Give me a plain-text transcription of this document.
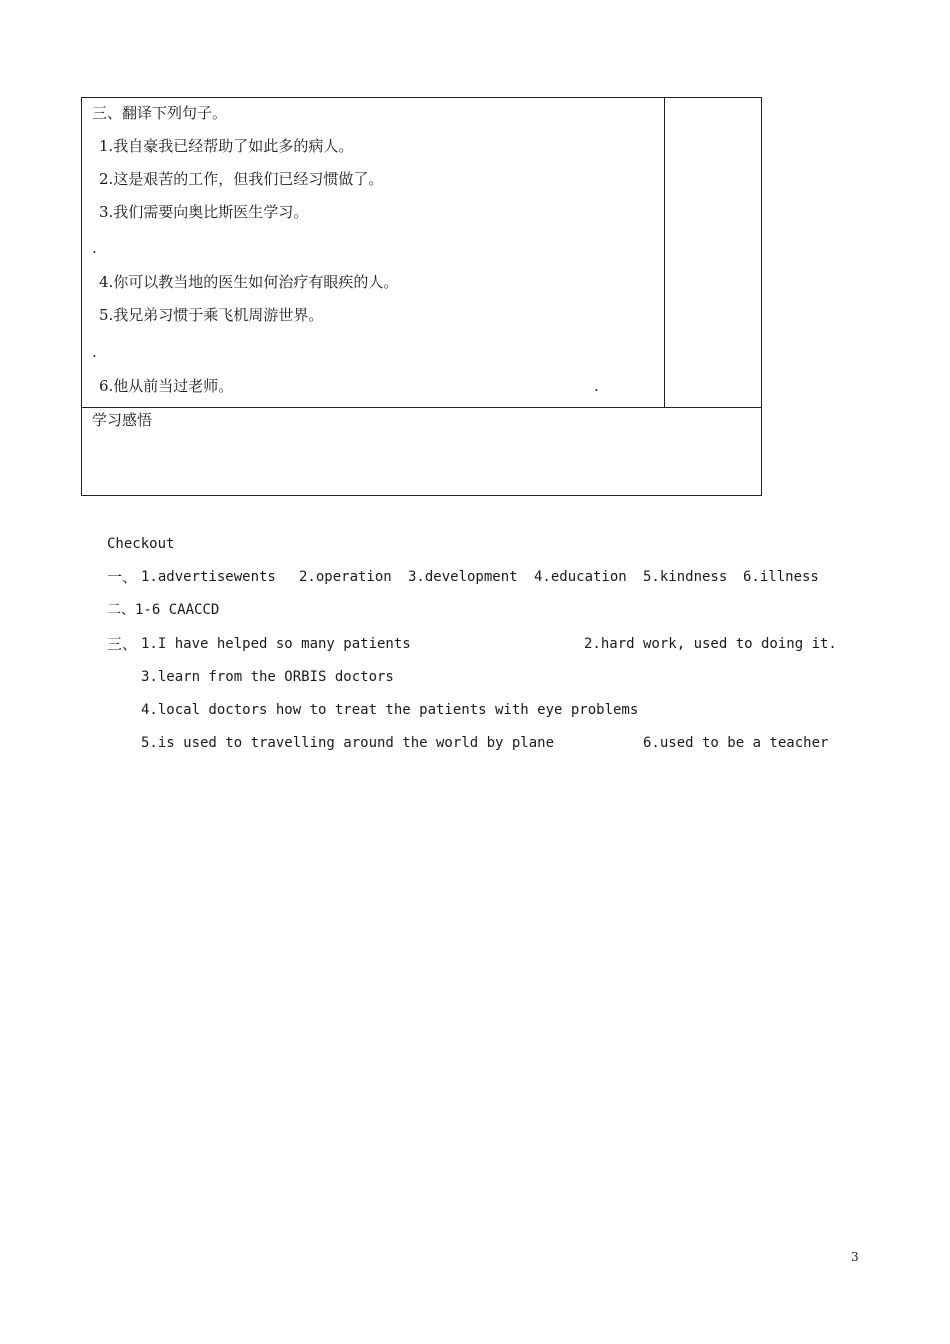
三、翻译下列句子。
1.我自豪我已经帮助了如此多的病人。
2.这是艰苦的工作，但我们已经习惯做了。
3.我们需要向奥比斯医生学习。
.
4.你可以教当地的医生如何治疗有眼疾的人。
5.我兄弟习惯于乘飞机周游世界。
.
6.他从前当过老师。	.
学习感悟
Checkout
一、 1.advertisewents 2.operation 3.development 4.education 5.kindness 6.illness
二、1-6 CAACCD
三、 1.I have helped so many patients	2.hard work, used to doing it.
3.learn from the ORBIS doctors
4.local doctors how to treat the patients with eye problems
5.is used to travelling around the world by plane	6.used to be a teacher
3
